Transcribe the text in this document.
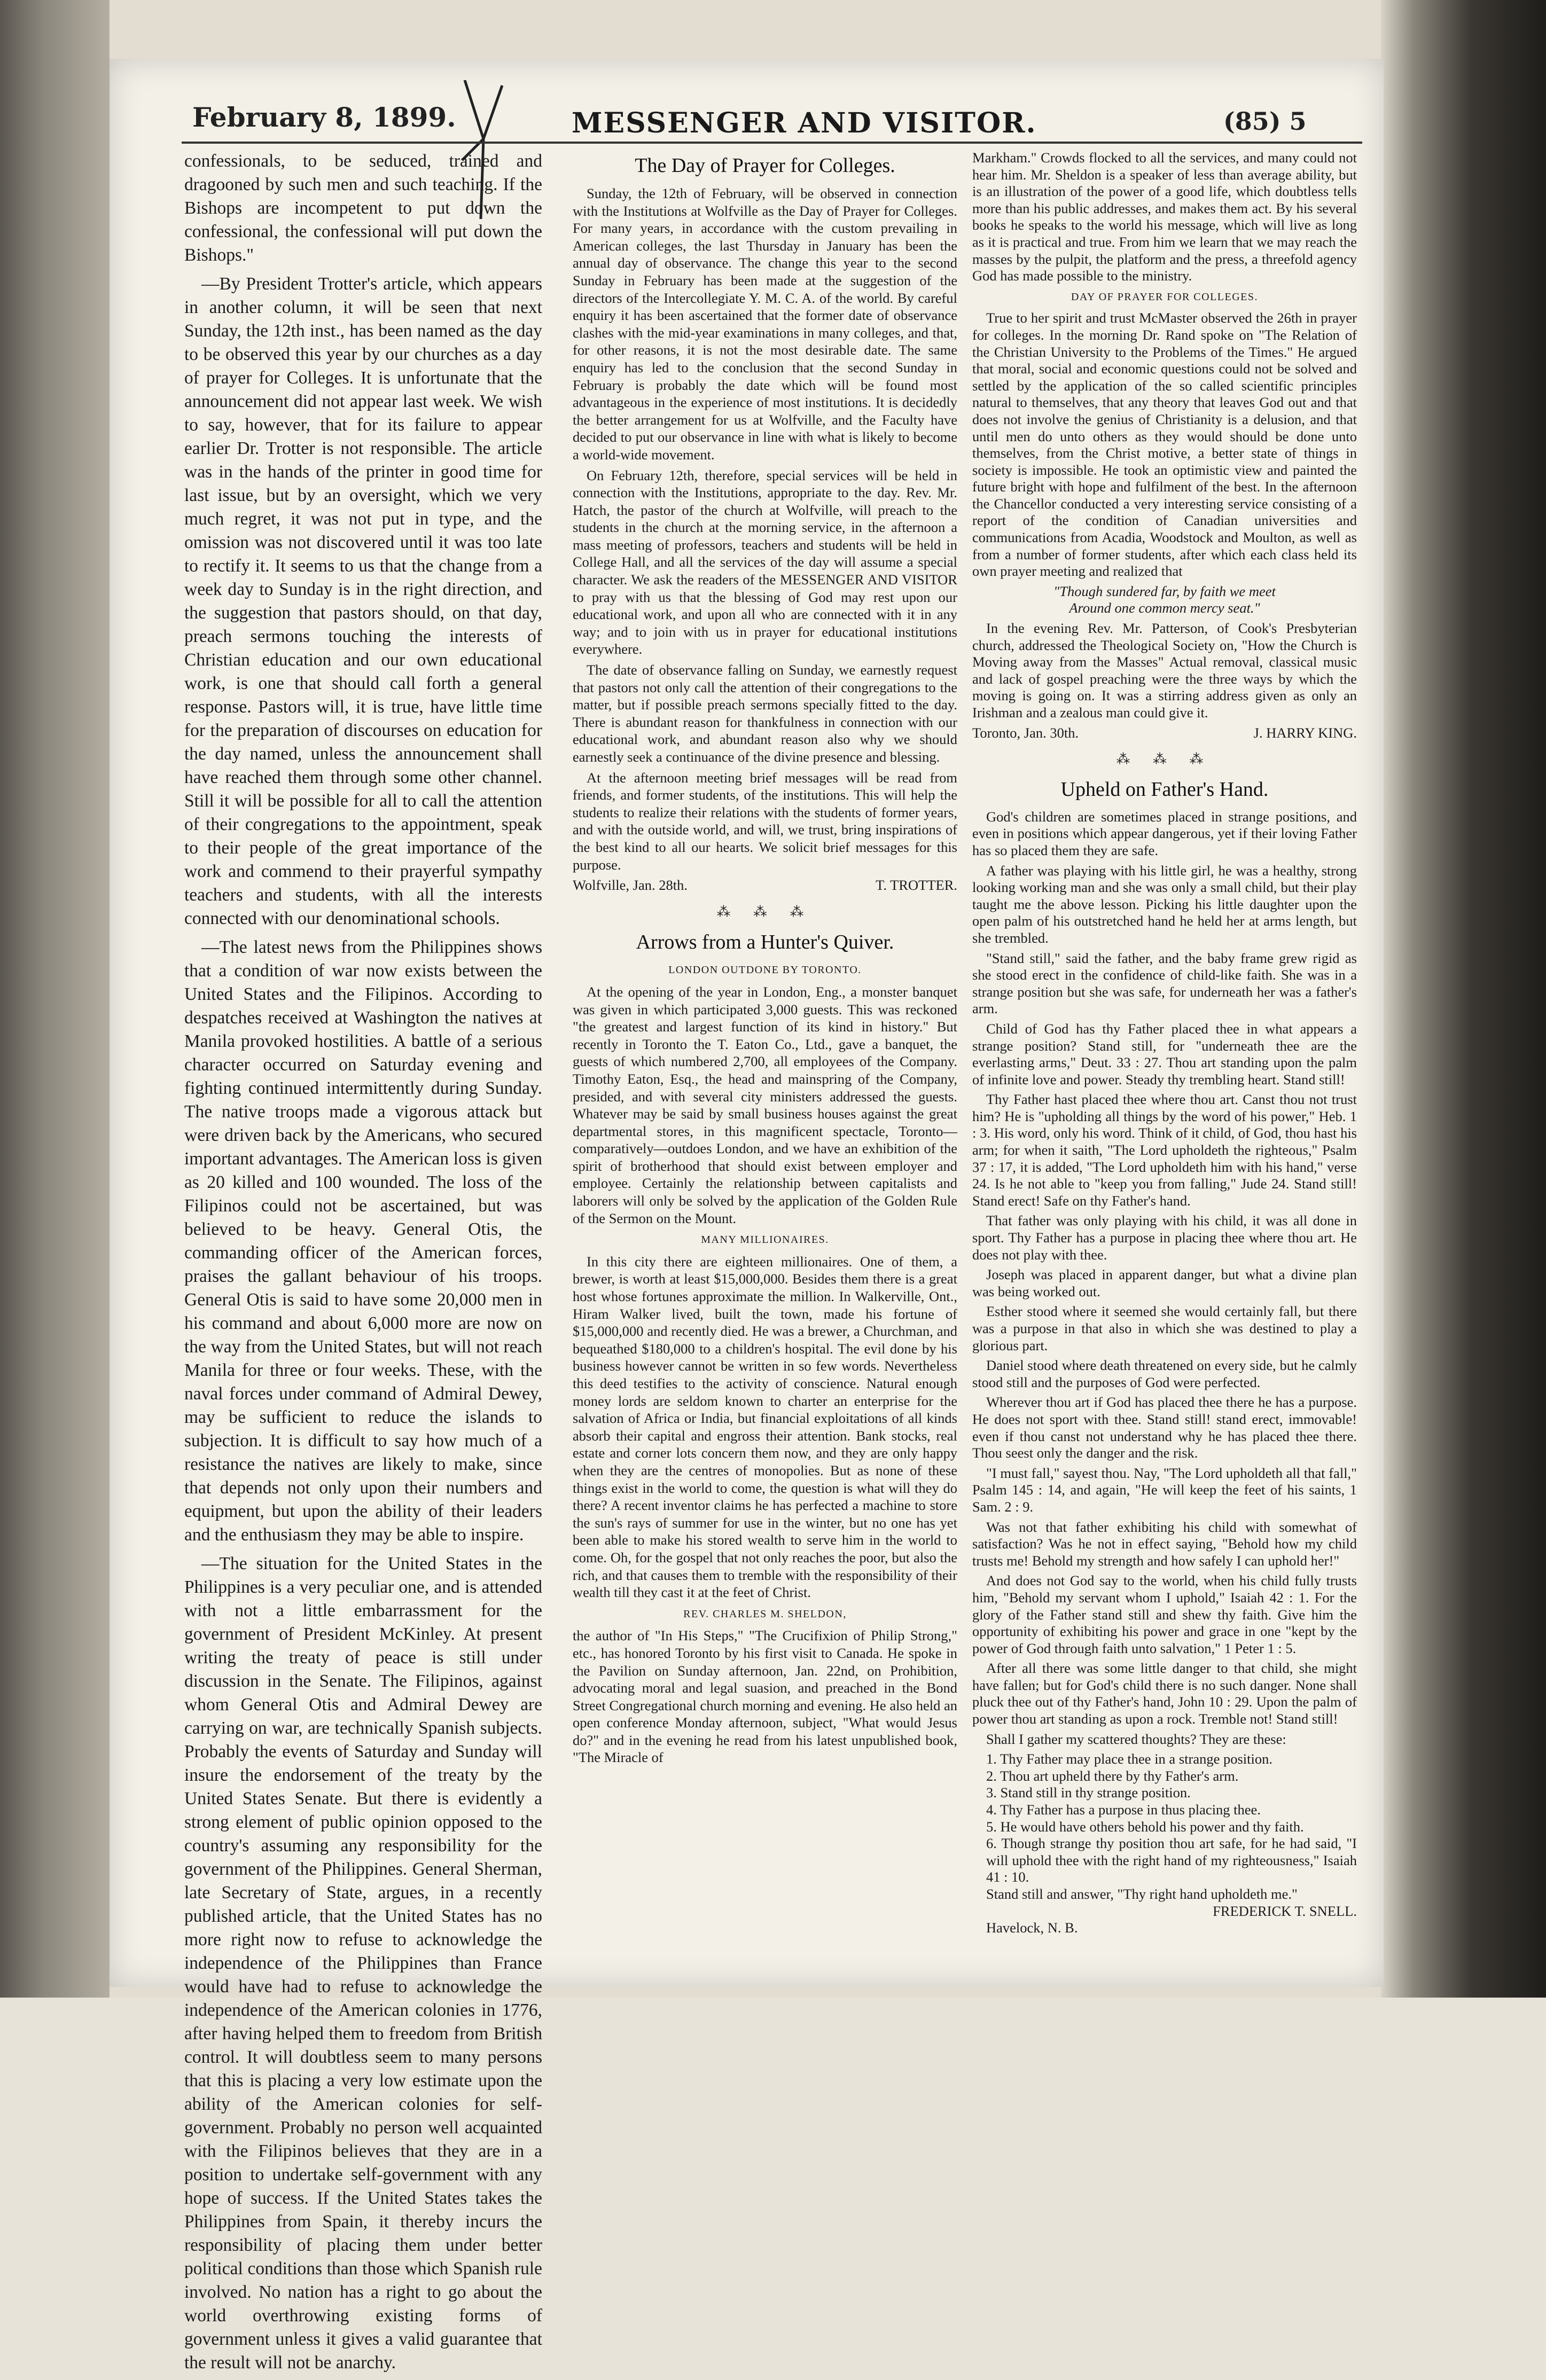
February 8, 1899.	MESSENGER AND VISITOR.	(85) 5

confessionals, to be seduced, trained and dragooned by such men and such teaching. If the Bishops are incompetent to put down the confessional, the confessional will put down the Bishops."

—By President Trotter's article, which appears in another column, it will be seen that next Sunday, the 12th inst., has been named as the day to be observed this year by our churches as a day of prayer for Colleges. It is unfortunate that the announcement did not appear last week. We wish to say, however, that for its failure to appear earlier Dr. Trotter is not responsible. The article was in the hands of the printer in good time for last issue, but by an oversight, which we very much regret, it was not put in type, and the omission was not discovered until it was too late to rectify it. It seems to us that the change from a week day to Sunday is in the right direction, and the suggestion that pastors should, on that day, preach sermons touching the interests of Christian education and our own educational work, is one that should call forth a general response. Pastors will, it is true, have little time for the preparation of discourses on education for the day named, unless the announcement shall have reached them through some other channel. Still it will be possible for all to call the attention of their congregations to the appointment, speak to their people of the great importance of the work and commend to their prayerful sympathy teachers and students, with all the interests connected with our denominational schools.

—The latest news from the Philippines shows that a condition of war now exists between the United States and the Filipinos. According to despatches received at Washington the natives at Manila provoked hostilities. A battle of a serious character occurred on Saturday evening and fighting continued intermittently during Sunday. The native troops made a vigorous attack but were driven back by the Americans, who secured important advantages. The American loss is given as 20 killed and 100 wounded. The loss of the Filipinos could not be ascertained, but was believed to be heavy. General Otis, the commanding officer of the American forces, praises the gallant behaviour of his troops. General Otis is said to have some 20,000 men in his command and about 6,000 more are now on the way from the United States, but will not reach Manila for three or four weeks. These, with the naval forces under command of Admiral Dewey, may be sufficient to reduce the islands to subjection. It is difficult to say how much of a resistance the natives are likely to make, since that depends not only upon their numbers and equipment, but upon the ability of their leaders and the enthusiasm they may be able to inspire.

—The situation for the United States in the Philippines is a very peculiar one, and is attended with not a little embarrassment for the government of President McKinley. At present writing the treaty of peace is still under discussion in the Senate. The Filipinos, against whom General Otis and Admiral Dewey are carrying on war, are technically Spanish subjects. Probably the events of Saturday and Sunday will insure the endorsement of the treaty by the United States Senate. But there is evidently a strong element of public opinion opposed to the country's assuming any responsibility for the government of the Philippines. General Sherman, late Secretary of State, argues, in a recently published article, that the United States has no more right now to refuse to acknowledge the independence of the Philippines than France would have had to refuse to acknowledge the independence of the American colonies in 1776, after having helped them to freedom from British control. It will doubtless seem to many persons that this is placing a very low estimate upon the ability of the American colonies for self-government. Probably no person well acquainted with the Filipinos believes that they are in a position to undertake self-government with any hope of success. If the United States takes the Philippines from Spain, it thereby incurs the responsibility of placing them under better political conditions than those which Spanish rule involved. No nation has a right to go about the world overthrowing existing forms of government unless it gives a valid guarantee that the result will not be anarchy.

The Day of Prayer for Colleges.

Sunday, the 12th of February, will be observed in connection with the Institutions at Wolfville as the Day of Prayer for Colleges. For many years, in accordance with the custom prevailing in American colleges, the last Thursday in January has been the annual day of observance. The change this year to the second Sunday in February has been made at the suggestion of the directors of the Intercollegiate Y. M. C. A. of the world. By careful enquiry it has been ascertained that the former date of observance clashes with the mid-year examinations in many colleges, and that, for other reasons, it is not the most desirable date. The same enquiry has led to the conclusion that the second Sunday in February is probably the date which will be found most advantageous in the experience of most institutions. It is decidedly the better arrangement for us at Wolfville, and the Faculty have decided to put our observance in line with what is likely to become a world-wide movement.

On February 12th, therefore, special services will be held in connection with the Institutions, appropriate to the day. Rev. Mr. Hatch, the pastor of the church at Wolfville, will preach to the students in the church at the morning service, in the afternoon a mass meeting of professors, teachers and students will be held in College Hall, and all the services of the day will assume a special character. We ask the readers of the MESSENGER AND VISITOR to pray with us that the blessing of God may rest upon our educational work, and upon all who are connected with it in any way; and to join with us in prayer for educational institutions everywhere.

The date of observance falling on Sunday, we earnestly request that pastors not only call the attention of their congregations to the matter, but if possible preach sermons specially fitted to the day. There is abundant reason for thankfulness in connection with our educational work, and abundant reason also why we should earnestly seek a continuance of the divine presence and blessing.

At the afternoon meeting brief messages will be read from friends, and former students, of the institutions. This will help the students to realize their relations with the students of former years, and with the outside world, and will, we trust, bring inspirations of the best kind to all our hearts. We solicit brief messages for this purpose.

Wolfville, Jan. 28th.	T. TROTTER.

⁂ ⁂ ⁂
Arrows from a Hunter's Quiver.
LONDON OUTDONE BY TORONTO.

At the opening of the year in London, Eng., a monster banquet was given in which participated 3,000 guests. This was reckoned "the greatest and largest function of its kind in history." But recently in Toronto the T. Eaton Co., Ltd., gave a banquet, the guests of which numbered 2,700, all employees of the Company. Timothy Eaton, Esq., the head and mainspring of the Company, presided, and with several city ministers addressed the guests. Whatever may be said by small business houses against the great departmental stores, in this magnificent spectacle, Toronto—comparatively—outdoes London, and we have an exhibition of the spirit of brotherhood that should exist between employer and employee. Certainly the relationship between capitalists and laborers will only be solved by the application of the Golden Rule of the Sermon on the Mount.

MANY MILLIONAIRES.

In this city there are eighteen millionaires. One of them, a brewer, is worth at least $15,000,000. Besides them there is a great host whose fortunes approximate the million. In Walkerville, Ont., Hiram Walker lived, built the town, made his fortune of $15,000,000 and recently died. He was a brewer, a Churchman, and bequeathed $180,000 to a children's hospital. The evil done by his business however cannot be written in so few words. Nevertheless this deed testifies to the activity of conscience. Natural enough money lords are seldom known to charter an enterprise for the salvation of Africa or India, but financial exploitations of all kinds absorb their capital and engross their attention. Bank stocks, real estate and corner lots concern them now, and they are only happy when they are the centres of monopolies. But as none of these things exist in the world to come, the question is what will they do there? A recent inventor claims he has perfected a machine to store the sun's rays of summer for use in the winter, but no one has yet been able to make his stored wealth to serve him in the world to come. Oh, for the gospel that not only reaches the poor, but also the rich, and that causes them to tremble with the responsibility of their wealth till they cast it at the feet of Christ.

REV. CHARLES M. SHELDON,

the author of "In His Steps," "The Crucifixion of Philip Strong," etc., has honored Toronto by his first visit to Canada. He spoke in the Pavilion on Sunday afternoon, Jan. 22nd, on Prohibition, advocating moral and legal suasion, and preached in the Bond Street Congregational church morning and evening. He also held an open conference Monday afternoon, subject, "What would Jesus do?" and in the evening he read from his latest unpublished book, "The Miracle of

Markham." Crowds flocked to all the services, and many could not hear him. Mr. Sheldon is a speaker of less than average ability, but is an illustration of the power of a good life, which doubtless tells more than his public addresses, and makes them act. By his several books he speaks to the world his message, which will live as long as it is practical and true. From him we learn that we may reach the masses by the pulpit, the platform and the press, a threefold agency God has made possible to the ministry.

DAY OF PRAYER FOR COLLEGES.

True to her spirit and trust McMaster observed the 26th in prayer for colleges. In the morning Dr. Rand spoke on "The Relation of the Christian University to the Problems of the Times." He argued that moral, social and economic questions could not be solved and settled by the application of the so called scientific principles natural to themselves, that any theory that leaves God out and that does not involve the genius of Christianity is a delusion, and that until men do unto others as they would should be done unto themselves, from the Christ motive, a better state of things in society is impossible. He took an optimistic view and painted the future bright with hope and fulfilment of the best. In the afternoon the Chancellor conducted a very interesting service consisting of a report of the condition of Canadian universities and communications from Acadia, Woodstock and Moulton, as well as from a number of former students, after which each class held its own prayer meeting and realized that

"Though sundered far, by faith we meet

Around one common mercy seat."

In the evening Rev. Mr. Patterson, of Cook's Presbyterian church, addressed the Theological Society on, "How the Church is Moving away from the Masses" Actual removal, classical music and lack of gospel preaching were the three ways by which the moving is going on. It was a stirring address given as only an Irishman and a zealous man could give it.

Toronto, Jan. 30th.	J. HARRY KING.

⁂ ⁂ ⁂
Upheld on Father's Hand.

God's children are sometimes placed in strange positions, and even in positions which appear dangerous, yet if their loving Father has so placed them they are safe.

A father was playing with his little girl, he was a healthy, strong looking working man and she was only a small child, but their play taught me the above lesson. Picking his little daughter upon the open palm of his outstretched hand he held her at arms length, but she trembled.

"Stand still," said the father, and the baby frame grew rigid as she stood erect in the confidence of child-like faith. She was in a strange position but she was safe, for underneath her was a father's arm.

Child of God has thy Father placed thee in what appears a strange position? Stand still, for "underneath thee are the everlasting arms," Deut. 33 : 27. Thou art standing upon the palm of infinite love and power. Steady thy trembling heart. Stand still!

Thy Father hast placed thee where thou art. Canst thou not trust him? He is "upholding all things by the word of his power," Heb. 1 : 3. His word, only his word. Think of it child, of God, thou hast his arm; for when it saith, "The Lord upholdeth the righteous," Psalm 37 : 17, it is added, "The Lord upholdeth him with his hand," verse 24. Is he not able to "keep you from falling," Jude 24. Stand still! Stand erect! Safe on thy Father's hand.

That father was only playing with his child, it was all done in sport. Thy Father has a purpose in placing thee where thou art. He does not play with thee.

Joseph was placed in apparent danger, but what a divine plan was being worked out.

Esther stood where it seemed she would certainly fall, but there was a purpose in that also in which she was destined to play a glorious part.

Daniel stood where death threatened on every side, but he calmly stood still and the purposes of God were perfected.

Wherever thou art if God has placed thee there he has a purpose. He does not sport with thee. Stand still! stand erect, immovable! even if thou canst not understand why he has placed thee there. Thou seest only the danger and the risk.

"I must fall," sayest thou. Nay, "The Lord upholdeth all that fall," Psalm 145 : 14, and again, "He will keep the feet of his saints, 1 Sam. 2 : 9.

Was not that father exhibiting his child with somewhat of satisfaction? Was he not in effect saying, "Behold how my child trusts me! Behold my strength and how safely I can uphold her!"

And does not God say to the world, when his child fully trusts him, "Behold my servant whom I uphold," Isaiah 42 : 1. For the glory of the Father stand still and shew thy faith. Give him the opportunity of exhibiting his power and grace in one "kept by the power of God through faith unto salvation," 1 Peter 1 : 5.

After all there was some little danger to that child, she might have fallen; but for God's child there is no such danger. None shall pluck thee out of thy Father's hand, John 10 : 29. Upon the palm of power thou art standing as upon a rock. Tremble not! Stand still!

Shall I gather my scattered thoughts? They are these:

1. Thy Father may place thee in a strange position.

2. Thou art upheld there by thy Father's arm.

3. Stand still in thy strange position.

4. Thy Father has a purpose in thus placing thee.

5. He would have others behold his power and thy faith.

6. Though strange thy position thou art safe, for he had said, "I will uphold thee with the right hand of my righteousness," Isaiah 41 : 10.

Stand still and answer, "Thy right hand upholdeth me."

FREDERICK T. SNELL.

Havelock, N. B.
